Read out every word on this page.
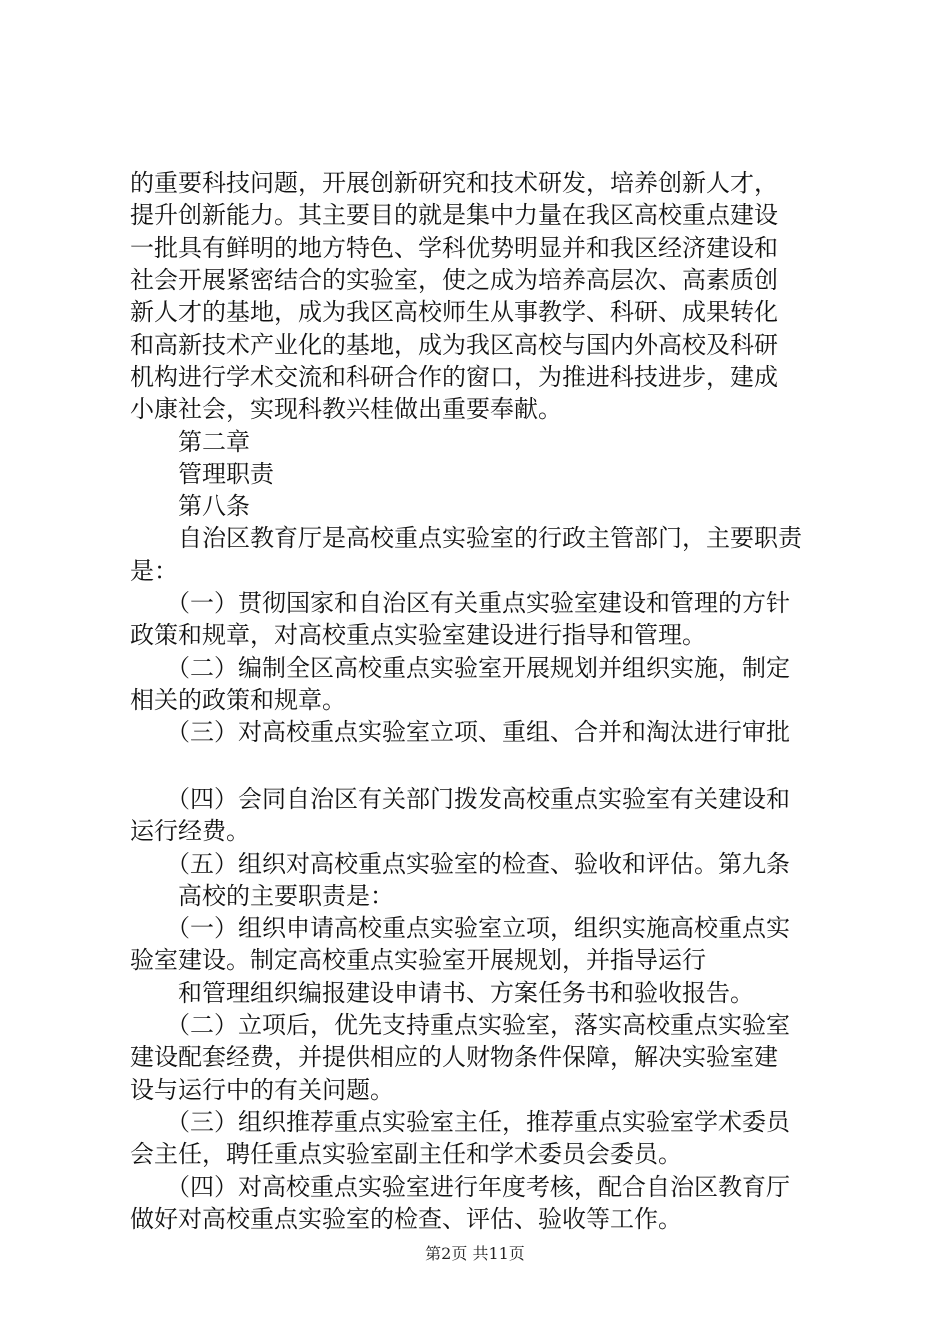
的重要科技问题，开展创新研究和技术研发，培养创新人才，
提升创新能力。其主要目的就是集中力量在我区高校重点建设
一批具有鲜明的地方特色、学科优势明显并和我区经济建设和
社会开展紧密结合的实验室，使之成为培养高层次、高素质创
新人才的基地，成为我区高校师生从事教学、科研、成果转化
和高新技术产业化的基地，成为我区高校与国内外高校及科研
机构进行学术交流和科研合作的窗口，为推进科技进步，建成
小康社会，实现科教兴桂做出重要奉献。
第二章
管理职责
第八条
自治区教育厅是高校重点实验室的行政主管部门，主要职责
是：
（一）贯彻国家和自治区有关重点实验室建设和管理的方针
政策和规章，对高校重点实验室建设进行指导和管理。
（二）编制全区高校重点实验室开展规划并组织实施，制定
相关的政策和规章。
（三）对高校重点实验室立项、重组、合并和淘汰进行审批
（四）会同自治区有关部门拨发高校重点实验室有关建设和
运行经费。
（五）组织对高校重点实验室的检查、验收和评估。第九条
高校的主要职责是：
（一）组织申请高校重点实验室立项，组织实施高校重点实
验室建设。制定高校重点实验室开展规划，并指导运行
和管理组织编报建设申请书、方案任务书和验收报告。
（二）立项后，优先支持重点实验室，落实高校重点实验室
建设配套经费，并提供相应的人财物条件保障，解决实验室建
设与运行中的有关问题。
（三）组织推荐重点实验室主任，推荐重点实验室学术委员
会主任，聘任重点实验室副主任和学术委员会委员。
（四）对高校重点实验室进行年度考核，配合自治区教育厅
做好对高校重点实验室的检查、评估、验收等工作。
第2页 共11页
